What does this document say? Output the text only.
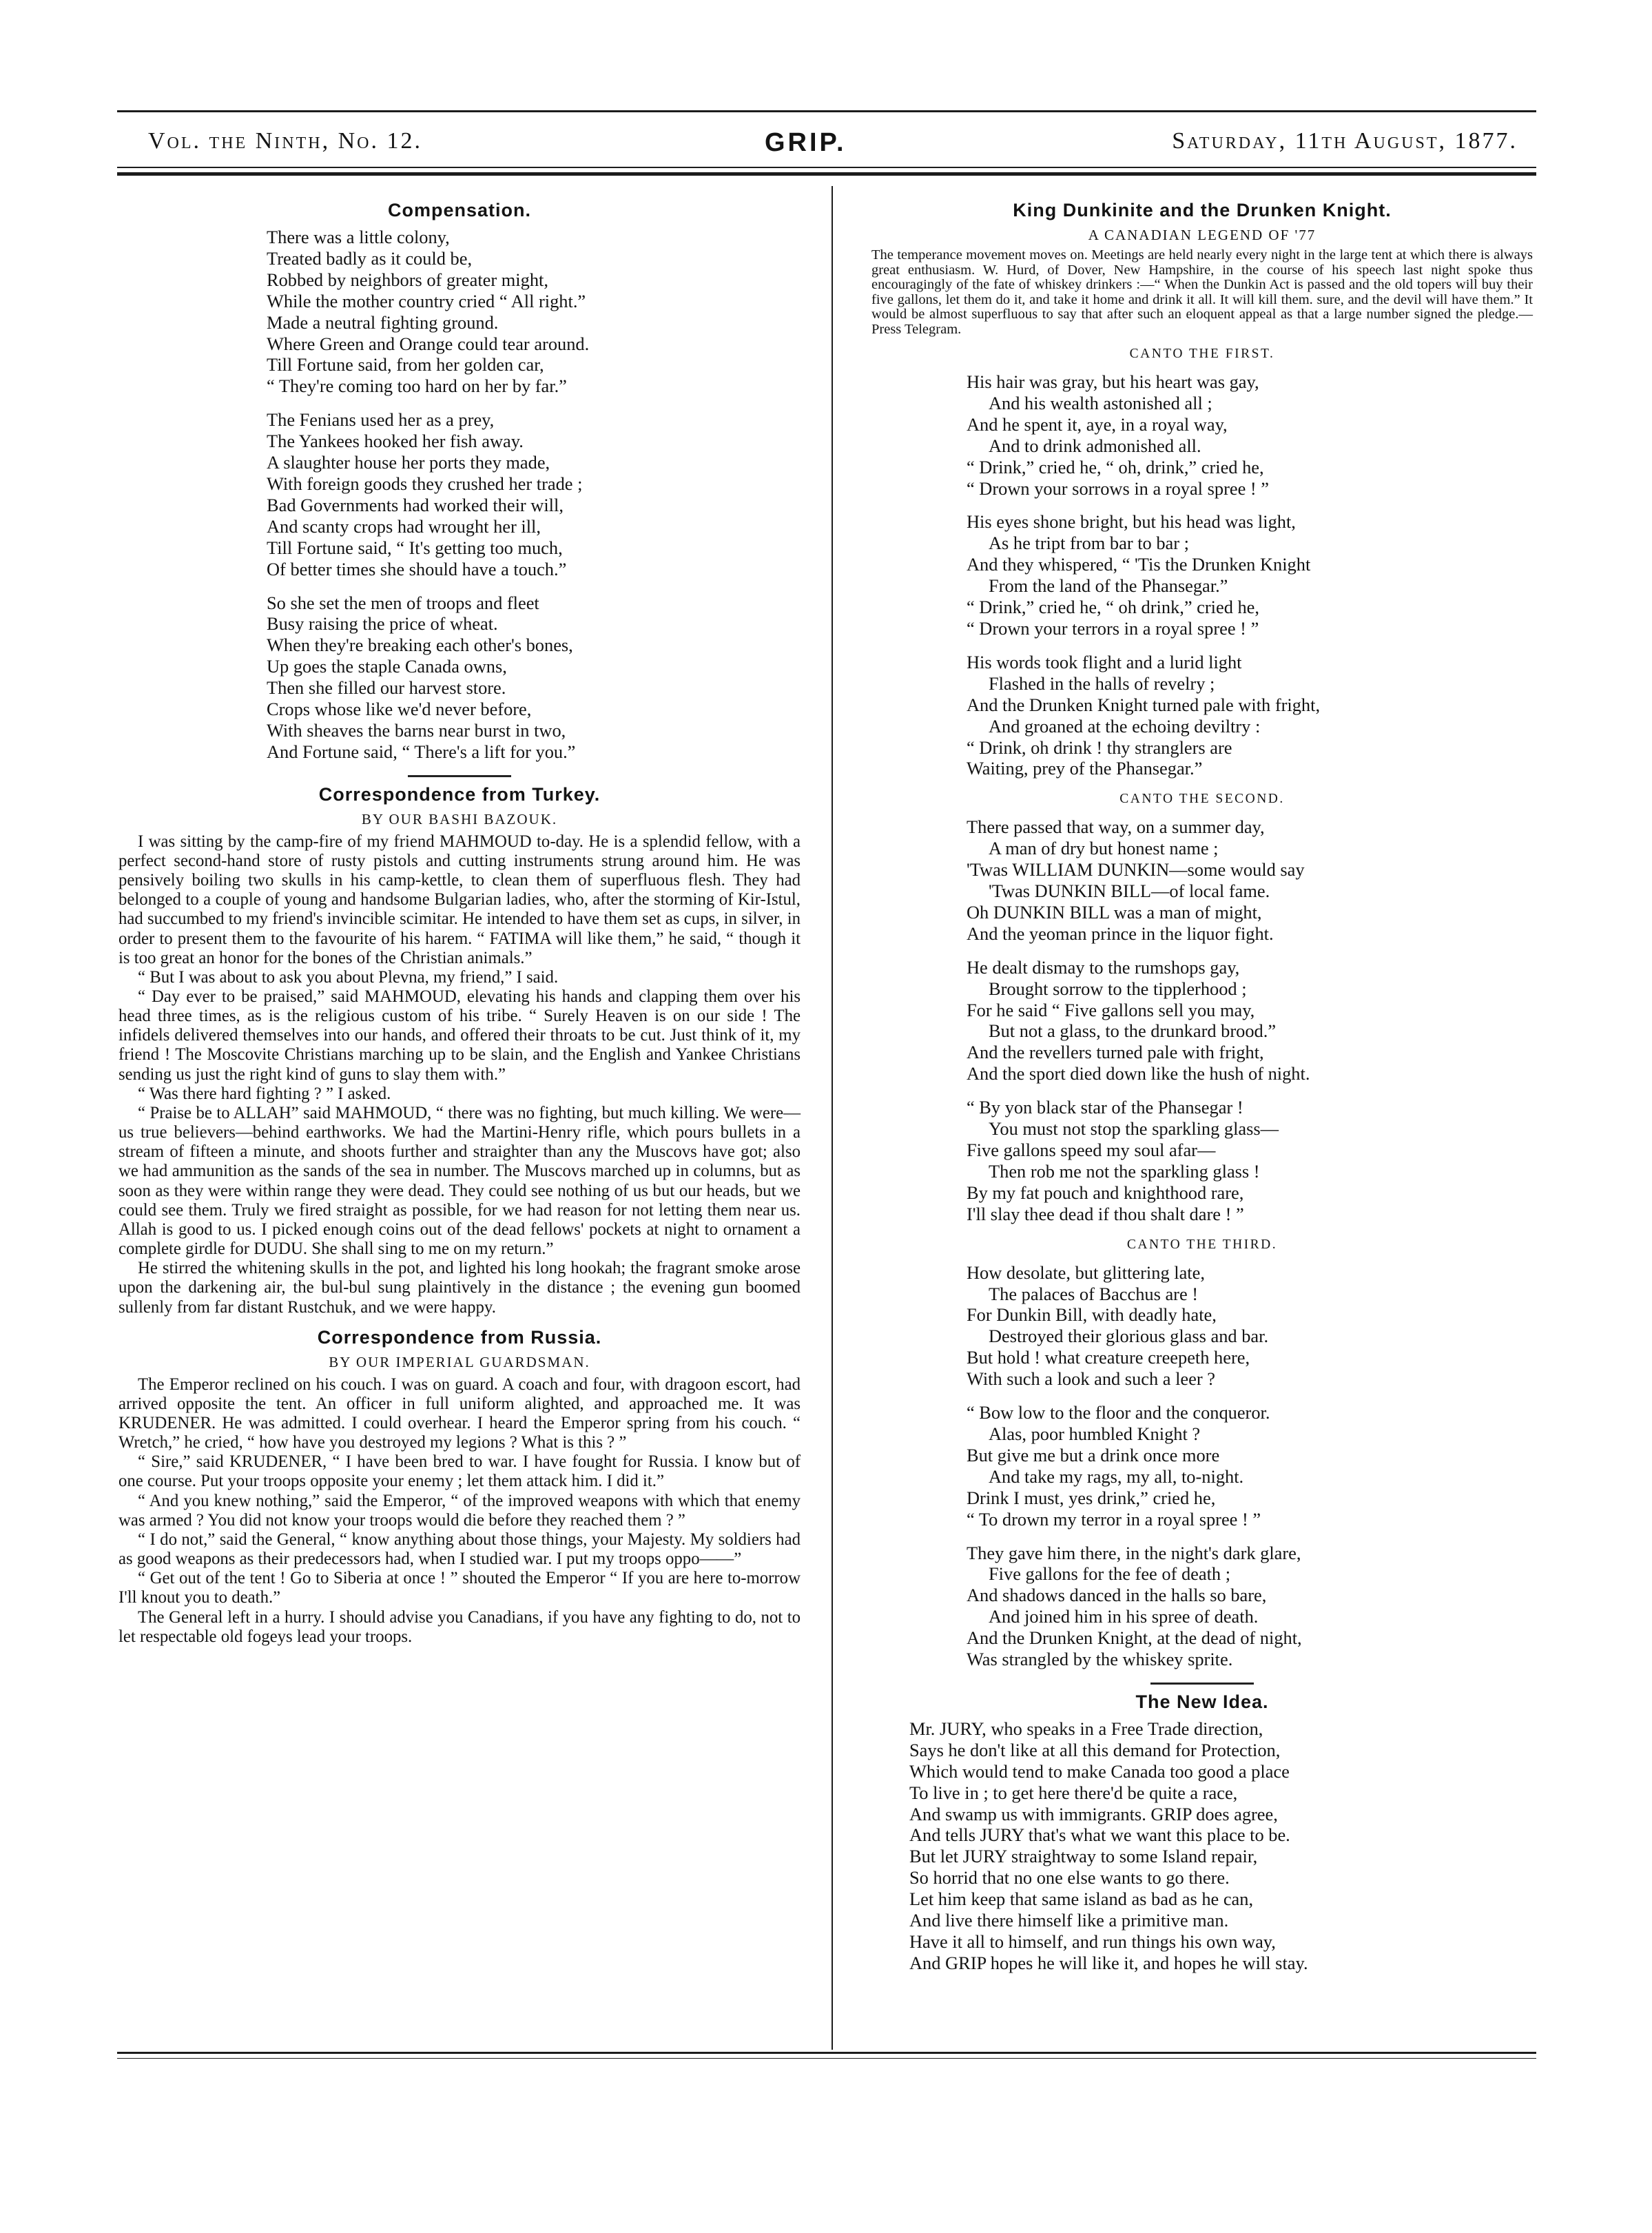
Vol. the Ninth, No. 12.	GRIP.	Saturday, 11th August, 1877.
Compensation.
There was a little colony,
Treated badly as it could be,
Robbed by neighbors of greater might,
While the mother country cried “ All right.”
Made a neutral fighting ground.
Where Green and Orange could tear around.
Till Fortune said, from her golden car,
“ They're coming too hard on her by far.”
The Fenians used her as a prey,
The Yankees hooked her fish away.
A slaughter house her ports they made,
With foreign goods they crushed her trade ;
Bad Governments had worked their will,
And scanty crops had wrought her ill,
Till Fortune said, “ It's getting too much,
Of better times she should have a touch.”
So she set the men of troops and fleet
Busy raising the price of wheat.
When they're breaking each other's bones,
Up goes the staple Canada owns,
Then she filled our harvest store.
Crops whose like we'd never before,
With sheaves the barns near burst in two,
And Fortune said, “ There's a lift for you.”
Correspondence from Turkey.
BY OUR BASHI BAZOUK.

I was sitting by the camp-fire of my friend MAHMOUD to-day. He is a splendid fellow, with a perfect second-hand store of rusty pistols and cutting instruments strung around him. He was pensively boiling two skulls in his camp-kettle, to clean them of superfluous flesh. They had belonged to a couple of young and handsome Bulgarian ladies, who, after the storming of Kir-Istul, had succumbed to my friend's invincible scimitar. He intended to have them set as cups, in silver, in order to present them to the favourite of his harem. “ FATIMA will like them,” he said, “ though it is too great an honor for the bones of the Christian animals.”

“ But I was about to ask you about Plevna, my friend,” I said.

“ Day ever to be praised,” said MAHMOUD, elevating his hands and clapping them over his head three times, as is the religious custom of his tribe. “ Surely Heaven is on our side ! The infidels delivered themselves into our hands, and offered their throats to be cut. Just think of it, my friend ! The Moscovite Christians marching up to be slain, and the English and Yankee Christians sending us just the right kind of guns to slay them with.”

“ Was there hard fighting ? ” I asked.

“ Praise be to ALLAH” said MAHMOUD, “ there was no fighting, but much killing. We were—us true believers—behind earthworks. We had the Martini-Henry rifle, which pours bullets in a stream of fifteen a minute, and shoots further and straighter than any the Muscovs have got; also we had ammunition as the sands of the sea in number. The Muscovs marched up in columns, but as soon as they were within range they were dead. They could see nothing of us but our heads, but we could see them. Truly we fired straight as possible, for we had reason for not letting them near us. Allah is good to us. I picked enough coins out of the dead fellows' pockets at night to ornament a complete girdle for DUDU. She shall sing to me on my return.”

He stirred the whitening skulls in the pot, and lighted his long hookah; the fragrant smoke arose upon the darkening air, the bul-bul sung plaintively in the distance ; the evening gun boomed sullenly from far distant Rustchuk, and we were happy.

Correspondence from Russia.
BY OUR IMPERIAL GUARDSMAN.

The Emperor reclined on his couch. I was on guard. A coach and four, with dragoon escort, had arrived opposite the tent. An officer in full uniform alighted, and approached me. It was KRUDENER. He was admitted. I could overhear. I heard the Emperor spring from his couch. “ Wretch,” he cried, “ how have you destroyed my legions ? What is this ? ”

“ Sire,” said KRUDENER, “ I have been bred to war. I have fought for Russia. I know but of one course. Put your troops opposite your enemy ; let them attack him. I did it.”

“ And you knew nothing,” said the Emperor, “ of the improved weapons with which that enemy was armed ? You did not know your troops would die before they reached them ? ”

“ I do not,” said the General, “ know anything about those things, your Majesty. My soldiers had as good weapons as their predecessors had, when I studied war. I put my troops oppo——”

“ Get out of the tent ! Go to Siberia at once ! ” shouted the Emperor “ If you are here to-morrow I'll knout you to death.”

The General left in a hurry. I should advise you Canadians, if you have any fighting to do, not to let respectable old fogeys lead your troops.

King Dunkinite and the Drunken Knight.
A CANADIAN LEGEND OF '77
The temperance movement moves on. Meetings are held nearly every night in the large tent at which there is always great enthusiasm. W. Hurd, of Dover, New Hampshire, in the course of his speech last night spoke thus encouragingly of the fate of whiskey drinkers :—“ When the Dunkin Act is passed and the old topers will buy their five gallons, let them do it, and take it home and drink it all. It will kill them. sure, and the devil will have them.” It would be almost superfluous to say that after such an eloquent appeal as that a large number signed the pledge.—Press Telegram.
CANTO THE FIRST.
His hair was gray, but his heart was gay,
And his wealth astonished all ;
And he spent it, aye, in a royal way,
And to drink admonished all.
“ Drink,” cried he, “ oh, drink,” cried he,
“ Drown your sorrows in a royal spree ! ”
His eyes shone bright, but his head was light,
As he tript from bar to bar ;
And they whispered, “ 'Tis the Drunken Knight
From the land of the Phansegar.”
“ Drink,” cried he, “ oh drink,” cried he,
“ Drown your terrors in a royal spree ! ”
His words took flight and a lurid light
Flashed in the halls of revelry ;
And the Drunken Knight turned pale with fright,
And groaned at the echoing deviltry :
“ Drink, oh drink ! thy stranglers are
Waiting, prey of the Phansegar.”
CANTO THE SECOND.
There passed that way, on a summer day,
A man of dry but honest name ;
'Twas WILLIAM DUNKIN—some would say
'Twas DUNKIN BILL—of local fame.
Oh DUNKIN BILL was a man of might,
And the yeoman prince in the liquor fight.
He dealt dismay to the rumshops gay,
Brought sorrow to the tipplerhood ;
For he said “ Five gallons sell you may,
But not a glass, to the drunkard brood.”
And the revellers turned pale with fright,
And the sport died down like the hush of night.
“ By yon black star of the Phansegar !
You must not stop the sparkling glass—
Five gallons speed my soul afar—
Then rob me not the sparkling glass !
By my fat pouch and knighthood rare,
I'll slay thee dead if thou shalt dare ! ”
CANTO THE THIRD.
How desolate, but glittering late,
The palaces of Bacchus are !
For Dunkin Bill, with deadly hate,
Destroyed their glorious glass and bar.
But hold ! what creature creepeth here,
With such a look and such a leer ?
“ Bow low to the floor and the conqueror.
Alas, poor humbled Knight ?
But give me but a drink once more
And take my rags, my all, to-night.
Drink I must, yes drink,” cried he,
“ To drown my terror in a royal spree ! ”
They gave him there, in the night's dark glare,
Five gallons for the fee of death ;
And shadows danced in the halls so bare,
And joined him in his spree of death.
And the Drunken Knight, at the dead of night,
Was strangled by the whiskey sprite.
The New Idea.
Mr. JURY, who speaks in a Free Trade direction,
Says he don't like at all this demand for Protection,
Which would tend to make Canada too good a place
To live in ; to get here there'd be quite a race,
And swamp us with immigrants. GRIP does agree,
And tells JURY that's what we want this place to be.
But let JURY straightway to some Island repair,
So horrid that no one else wants to go there.
Let him keep that same island as bad as he can,
And live there himself like a primitive man.
Have it all to himself, and run things his own way,
And GRIP hopes he will like it, and hopes he will stay.
